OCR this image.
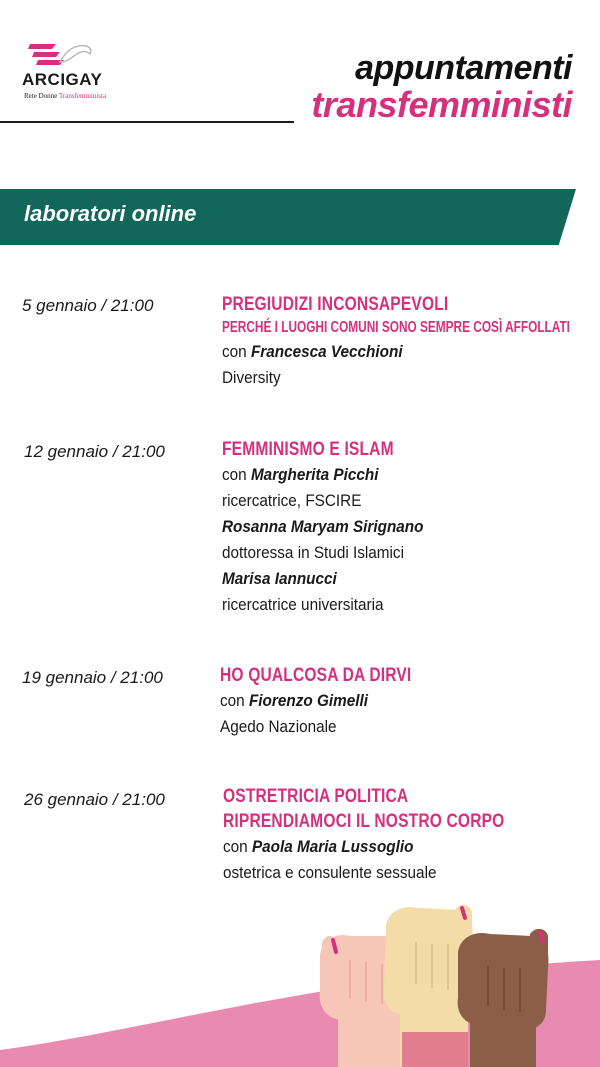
ARCIGAY
Rete Donne Transfemminista
appuntamenti
transfemministi
laboratori online
5 gennaio / 21:00	PREGIUDIZI INCONSAPEVOLI
PERCHÉ I LUOGHI COMUNI SONO SEMPRE COSÌ AFFOLLATI
con Francesca Vecchioni
Diversity
12 gennaio / 21:00	FEMMINISMO E ISLAM
con Margherita Picchi
ricercatrice, FSCIRE
Rosanna Maryam Sirignano
dottoressa in Studi Islamici
Marisa Iannucci
ricercatrice universitaria
19 gennaio / 21:00	HO QUALCOSA DA DIRVI
con Fiorenzo Gimelli
Agedo Nazionale
26 gennaio / 21:00	OSTRETRICIA POLITICA
RIPRENDIAMOCI IL NOSTRO CORPO
con Paola Maria Lussoglio
ostetrica e consulente sessuale
